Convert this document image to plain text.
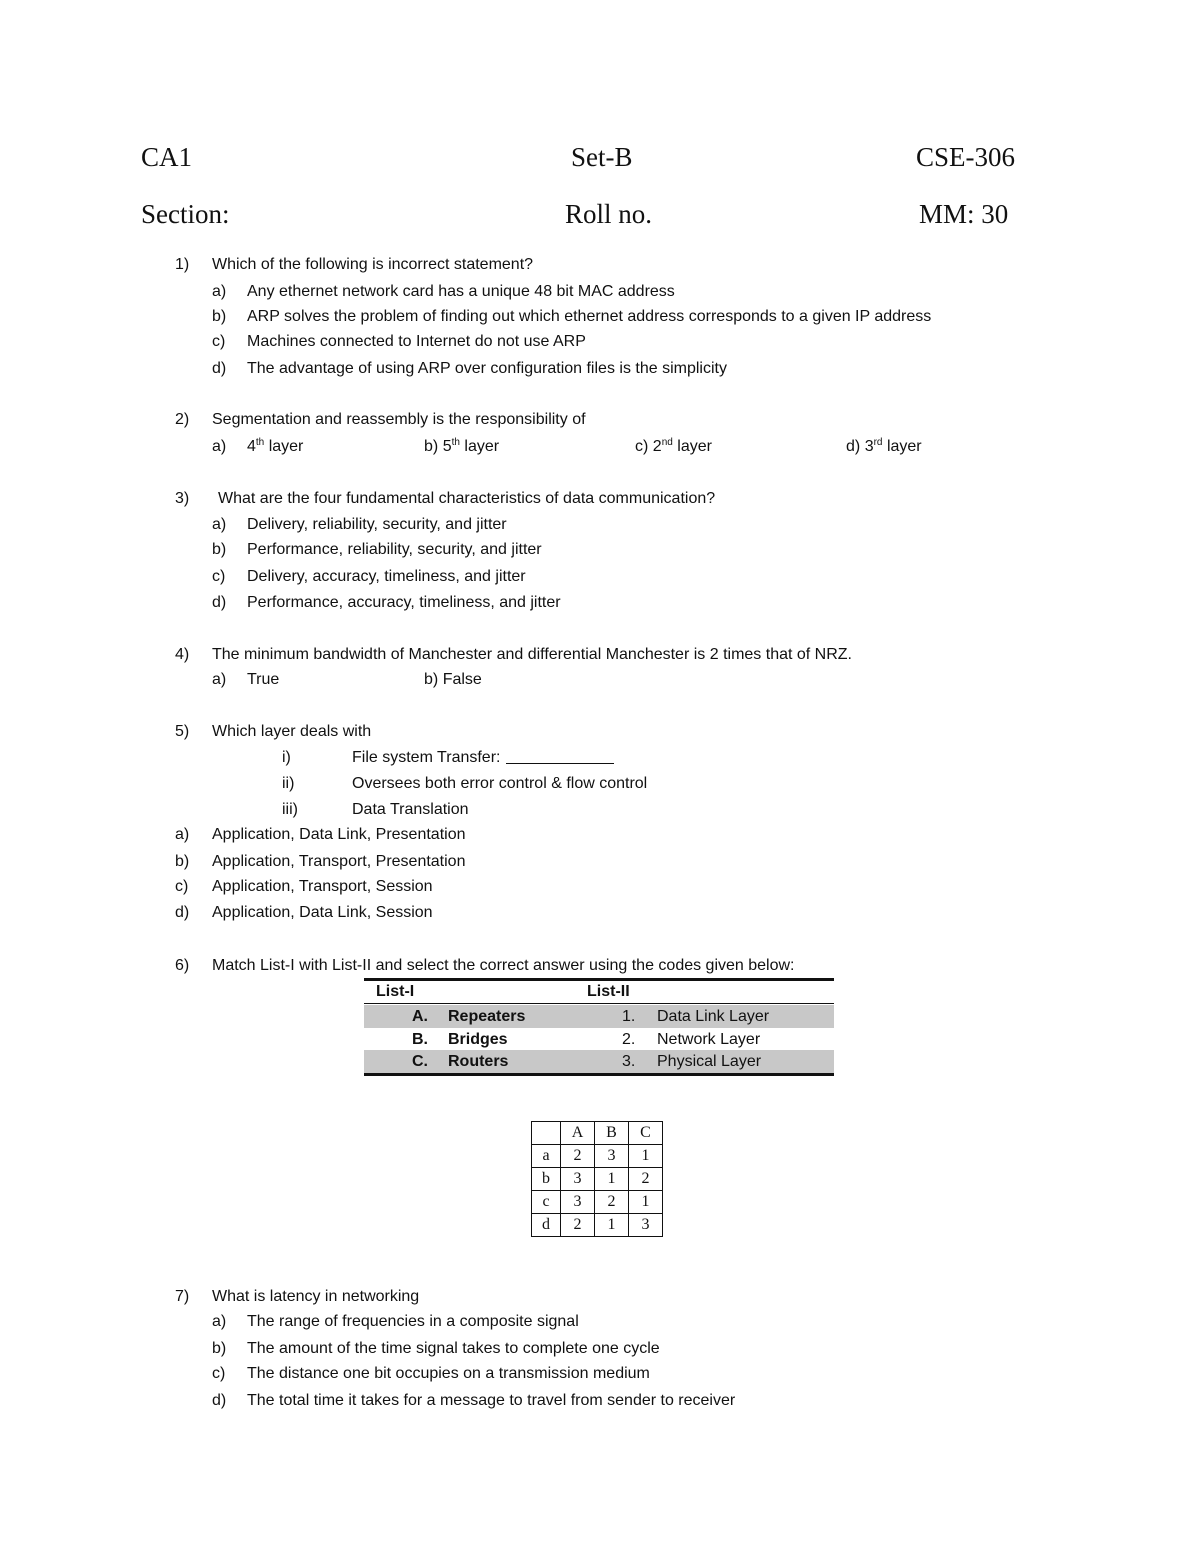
CA1	Set-B	CSE-306
Section:	Roll no.	MM: 30
1) Which of the following is incorrect statement?
a) Any ethernet network card has a unique 48 bit MAC address
b) ARP solves the problem of finding out which ethernet address corresponds to a given IP address
c) Machines connected to Internet do not use ARP
d) The advantage of using ARP over configuration files is the simplicity
2) Segmentation and reassembly is the responsibility of
a) 4th layer	b) 5th layer	c) 2nd layer	d) 3rd layer
3) What are the four fundamental characteristics of data communication?
a) Delivery, reliability, security, and jitter
b) Performance, reliability, security, and jitter
c) Delivery, accuracy, timeliness, and jitter
d) Performance, accuracy, timeliness, and jitter
4) The minimum bandwidth of Manchester and differential Manchester is 2 times that of NRZ.
a) True	b) False
5) Which layer deals with
i)	File system Transfer:
ii)	Oversees both error control & flow control
iii)	Data Translation
a) Application, Data Link, Presentation
b) Application, Transport, Presentation
c) Application, Transport, Session
d) Application, Data Link, Session
6) Match List-I with List-II and select the correct answer using the codes given below:
List-I	List-II
A. Repeaters	1. Data Link Layer
B. Bridges	2. Network Layer
C. Routers	3. Physical Layer
	A	B	C
a	2	3	1
b	3	1	2
c	3	2	1
d	2	1	3
7) What is latency in networking
a) The range of frequencies in a composite signal
b) The amount of the time signal takes to complete one cycle
c) The distance one bit occupies on a transmission medium
d) The total time it takes for a message to travel from sender to receiver
